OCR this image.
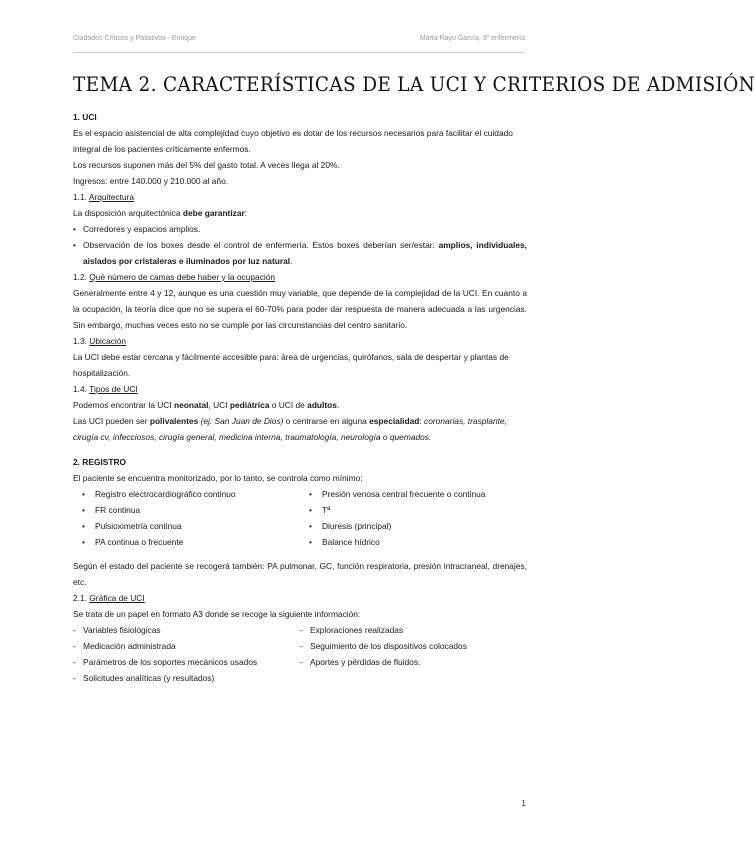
Cuidados Críticos y Paliativos - Enrique	Marta Rayo García, 3º enfermería
TEMA 2. CARACTERÍSTICAS DE LA UCI Y CRITERIOS DE ADMISIÓN

1. UCI

Es el espacio asistencial de alta complejidad cuyo objetivo es dotar de los recursos necesarios para facilitar el cuidado integral de los pacientes críticamente enfermos.

Los recursos suponen más del 5% del gasto total. A veces llega al 20%.

Ingresos: entre 140.000 y 210.000 al año.

1.1. Arquitectura

La disposición arquitectónica debe garantizar:

• Corredores y espacios amplios.

• Observación de los boxes desde el control de enfermería. Estos boxes deberían ser/estar: amplios, individuales, aislados por cristaleras e iluminados por luz natural.

1.2. Qué número de camas debe haber y la ocupación

Generalmente entre 4 y 12, aunque es una cuestión muy variable, que depende de la complejidad de la UCI. En cuanto a la ocupación, la teoría dice que no se supera el 60-70% para poder dar respuesta de manera adecuada a las urgencias. Sin embargo, muchas veces esto no se cumple por las circunstancias del centro sanitario.

1.3. Ubicación

La UCI debe estar cercana y fácilmente accesible para: área de urgencias, quirófanos, sala de despertar y plantas de hospitalización.

1.4. Tipos de UCI

Podemos encontrar la UCI neonatal, UCI pediátrica o UCI de adultos.

Las UCI pueden ser polivalentes (ej: San Juan de Dios) o centrarse en alguna especialidad: coronarias, trasplante, cirugía cv, infecciosos, cirugía general, medicina interna, traumatología, neurología o quemados.

2. REGISTRO

El paciente se encuentra monitorizado, por lo tanto, se controla como mínimo:

• Registro electrocardiográfico continuo

• FR continua

• Pulsioximetría continua

• PA continua o frecuente

• Presión venosa central frecuente o continua

• Tª

• Diuresis (principal)

• Balance hídrico

Según el estado del paciente se recogerá también: PA pulmonar, GC, función respiratoria, presión intracraneal, drenajes, etc.

2.1. Gráfica de UCI

Se trata de un papel en formato A3 donde se recoge la siguiente información:

- Variables fisiológicas

- Medicación administrada

- Parámetros de los soportes mecánicos usados

- Solicitudes analíticas (y resultados)

- Exploraciones realizadas

- Seguimiento de los dispositivos colocados

- Aportes y pérdidas de fluidos.

1
